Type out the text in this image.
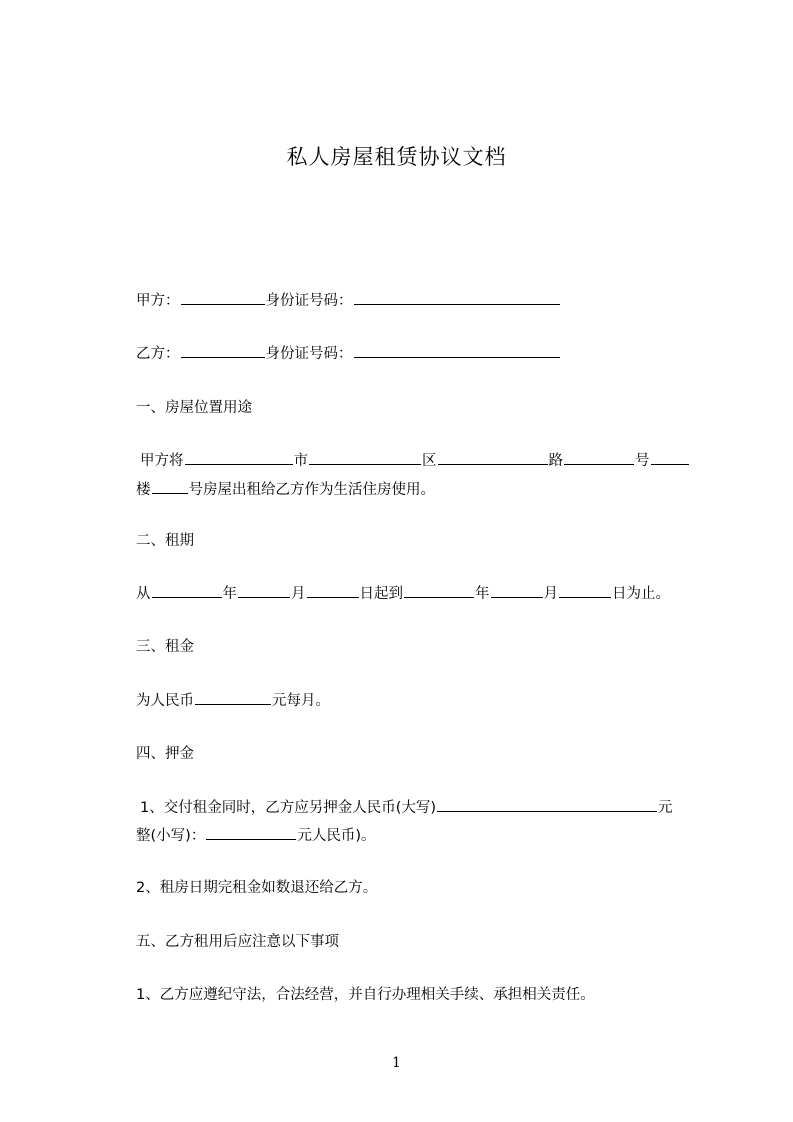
私人房屋租赁协议文档
甲方：	身份证号码：
乙方：	身份证号码：
一、房屋位置用途
甲方将	市	区	路	号
楼	号房屋出租给乙方作为生活住房使用。
二、租期
从	年	月	日起到	年	月	日为止。
三、租金
为人民币	元每月。
四、押金
1、交付租金同时，乙方应另押金人民币(大写)	元
整(小写)：	元人民币)。
2、租房日期完租金如数退还给乙方。
五、乙方租用后应注意以下事项
1、乙方应遵纪守法，合法经营，并自行办理相关手续、承担相关责任。
1
